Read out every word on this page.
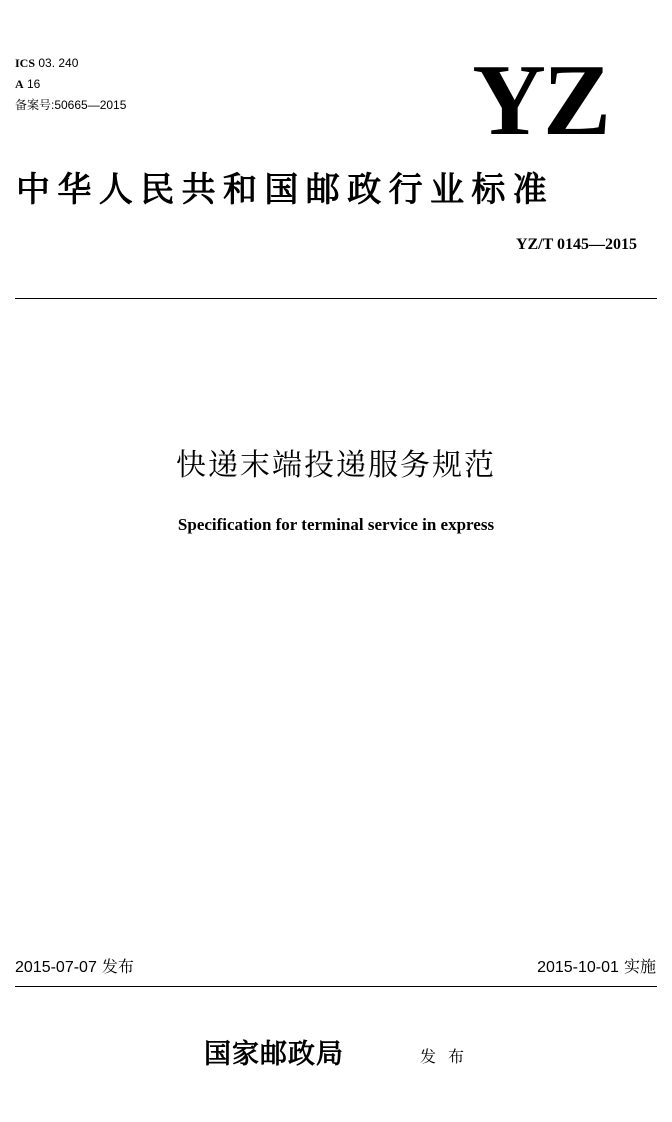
ICS 03. 240
A 16
备案号:50665—2015	YZ
中华人民共和国邮政行业标准
YZ/T 0145—2015
快递末端投递服务规范
Specification for terminal service in express
2015-07-07 发布	2015-10-01 实施
国家邮政局	发布
